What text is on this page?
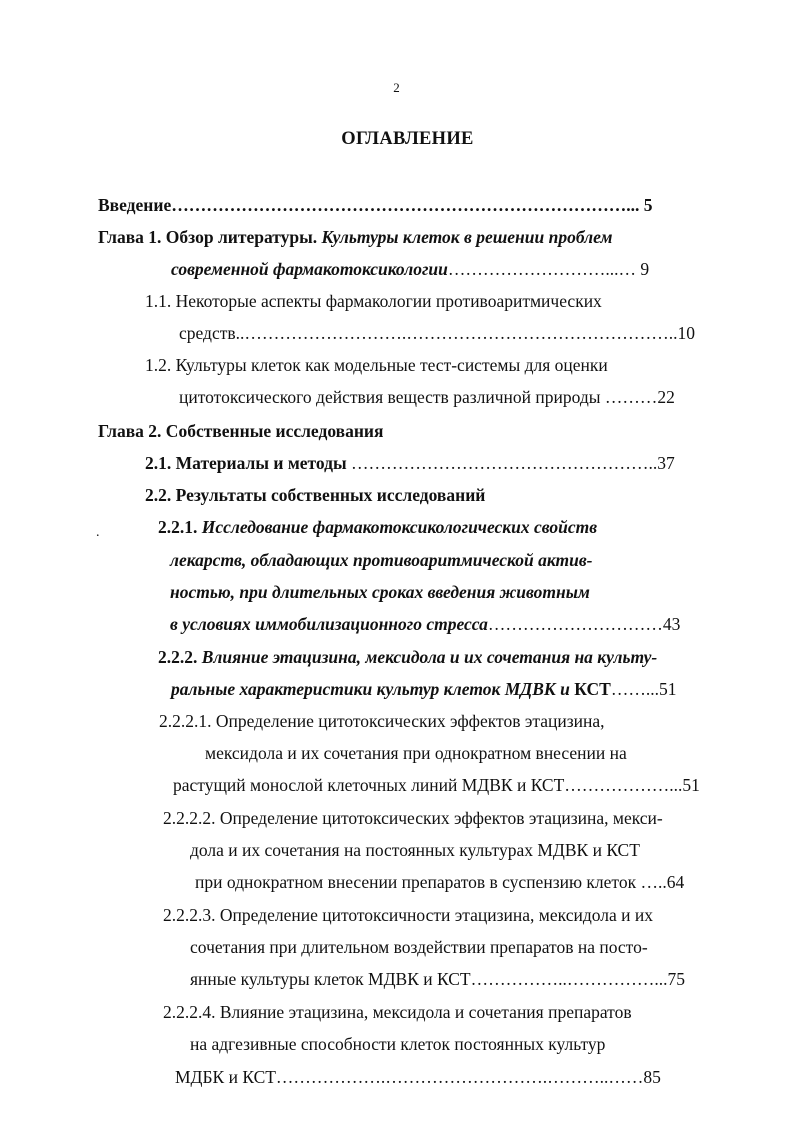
2
ОГЛАВЛЕНИЕ
.
Введение……………………………………………………………………... 5
Глава 1. Обзор литературы. Культуры клеток в решении проблем
современной фармакотоксикологии………………………...… 9
1.1. Некоторые аспекты фармакологии противоаритмических
средств..……………………….………………………………………..10
1.2. Культуры клеток как модельные тест-системы для оценки
цитотоксического действия веществ различной природы ………22
Глава 2. Собственные исследования
2.1. Материалы и методы ……………………………………………..37
2.2. Результаты собственных исследований
2.2.1. Исследование фармакотоксикологических свойств
лекарств, обладающих противоаритмической актив-
ностью, при длительных сроках введения животным
в условиях иммобилизационного стресса…………………………43
2.2.2. Влияние этацизина, мексидола и их сочетания на культу-
ральные характеристики культур клеток МДВК и КСТ……...51
2.2.2.1. Определение цитотоксических эффектов этацизина,
мексидола и их сочетания при однократном внесении на
растущий монослой клеточных линий МДВК и КСТ………………...51
2.2.2.2. Определение цитотоксических эффектов этацизина, мекси-
дола и их сочетания на постоянных культурах МДВК и КСТ
при однократном внесении препаратов в суспензию клеток …..64
2.2.2.3. Определение цитотоксичности этацизина, мексидола и их
сочетания при длительном воздействии препаратов на посто-
янные культуры клеток МДВК и КСТ……………..……………...75
2.2.2.4. Влияние этацизина, мексидола и сочетания препаратов
на адгезивные способности клеток постоянных культур
МДБК и КСТ……………….……………………….………..……85
